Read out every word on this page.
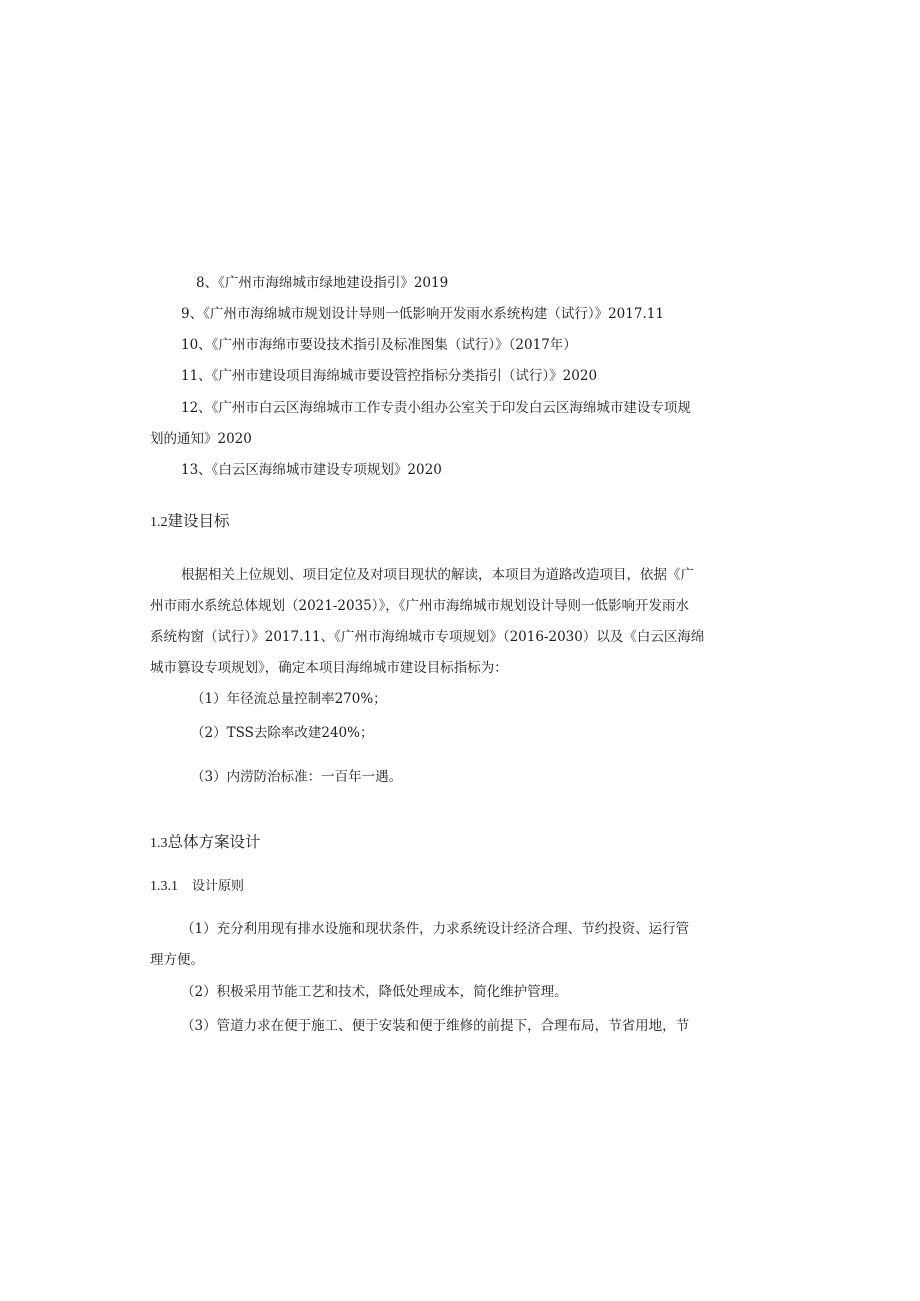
8、《广州市海绵城市绿地建设指引》2019
9、《广州市海绵城市规划设计导则一低影响开发雨水系统构建（试行）》2017.11
10、《广州市海绵市要设技术指引及标准图集（试行）》（2017年）
11、《广州市建设项目海绵城市要设管控指标分类指引（试行）》2020
12、《广州市白云区海绵城市工作专责小组办公室关于印发白云区海绵城市建设专项规
划的通知》2020
13、《白云区海绵城市建设专项规划》2020
1.2建设目标
根据相关上位规划、项目定位及对项目现状的解读，本项目为道路改造项目，依据《广
州市雨水系统总体规划（2021-2035）》，《广州市海绵城市规划设计导则一低影响开发雨水
系统构窗（试行）》2017.11、《广州市海绵城市专项规划》（2016-2030）以及《白云区海绵
城市篡设专项规划》，确定本项目海绵城市建设目标指标为：
（1）年径流总量控制率270%；
（2）TSS去除率改建240%；
（3）内涝防治标准：一百年一遇。
1.3总体方案设计
1.3.1 设计原则
（1）充分利用现有排水设施和现状条件，力求系统设计经济合理、节约投资、运行管
理方便。
（2）积极采用节能工艺和技术，降低处理成本，简化维护管理。
（3）管道力求在便于施工、便于安装和便于维修的前提下，合理布局，节省用地，节
